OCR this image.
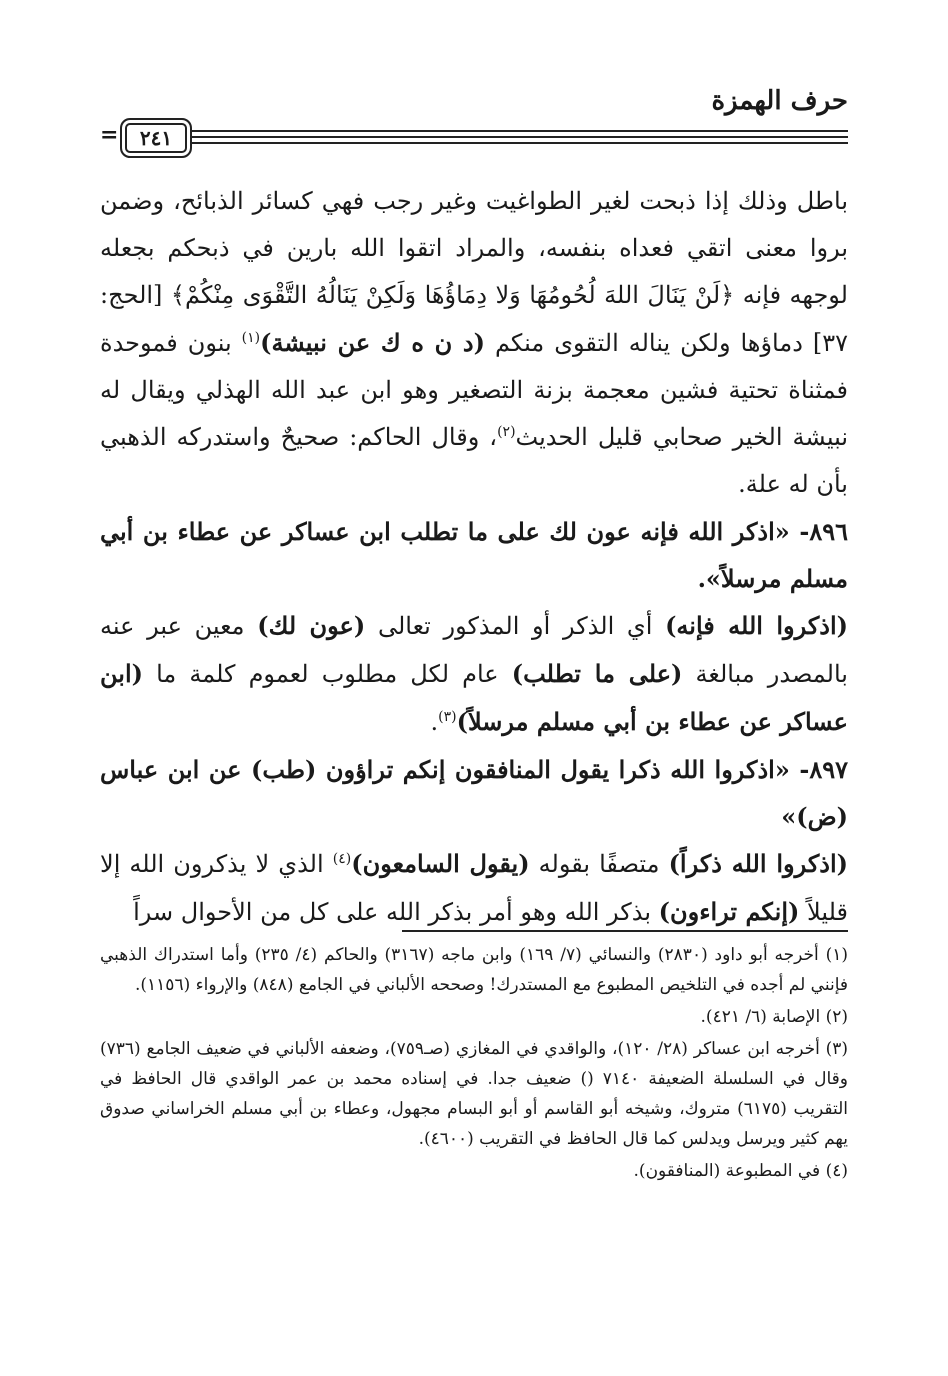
حرف الهمزة
٢٤١
=

باطل وذلك إذا ذبحت لغير الطواغيت وغير رجب فهي كسائر الذبائح، وضمن بروا معنى اتقي فعداه بنفسه، والمراد اتقوا الله بارين في ذبحكم بجعله لوجهه فإنه ﴿لَنْ يَنَالَ اللهَ لُحُومُهَا وَلا دِمَاؤُهَا وَلَكِنْ يَنَالُهُ التَّقْوَى مِنْكُمْ﴾ [الحج: ٣٧] دماؤها ولكن يناله التقوى منكم (د ن ه ك عن نبيشة)$^{(١)}$ بنون فموحدة فمثناة تحتية فشين معجمة بزنة التصغير وهو ابن عبد الله الهذلي ويقال له نبيشة الخير صحابي قليل الحديث$^{(٢)}$، وقال الحاكم: صحيحٌ واستدركه الذهبي بأن له علة.

٨٩٦- «اذكر الله فإنه عون لك على ما تطلب ابن عساكر عن عطاء بن أبي مسلم مرسلاً».

(اذكروا الله فإنه) أي الذكر أو المذكور تعالى (عون لك) معين عبر عنه بالمصدر مبالغة (على ما تطلب) عام لكل مطلوب لعموم كلمة ما (ابن عساكر عن عطاء بن أبي مسلم مرسلاً)$^{(٣)}$.

٨٩٧- «اذكروا الله ذكرا يقول المنافقون إنكم تراؤون (طب) عن ابن عباس (ض)»

(اذكروا الله ذكراً) متصفًا بقوله (يقول السامعون)$^{(٤)}$ الذي لا يذكرون الله إلا قليلاً (إنكم تراءون) بذكر الله وهو أمر بذكر الله على كل من الأحوال سراً

(١) أخرجه أبو داود (٢٨٣٠) والنسائي (٧/ ١٦٩) وابن ماجه (٣١٦٧) والحاكم (٤/ ٢٣٥) وأما استدراك الذهبي فإنني لم أجده في التلخيص المطبوع مع المستدرك! وصححه الألباني في الجامع (٨٤٨) والإرواء (١١٥٦).

(٢) الإصابة (٦/ ٤٢١).

(٣) أخرجه ابن عساكر (٢٨/ ١٢٠)، والواقدي في المغازي (صـ٧٥٩)، وضعفه الألباني في ضعيف الجامع (٧٣٦) وقال في السلسلة الضعيفة ٧١٤٠ () ضعيف جدا. في إسناده محمد بن عمر الواقدي قال الحافظ في التقريب (٦١٧٥) متروك، وشيخه أبو القاسم أو أبو البسام مجهول، وعطاء بن أبي مسلم الخراساني صدوق يهم كثير ويرسل ويدلس كما قال الحافظ في التقريب (٤٦٠٠).

(٤) في المطبوعة (المنافقون).
